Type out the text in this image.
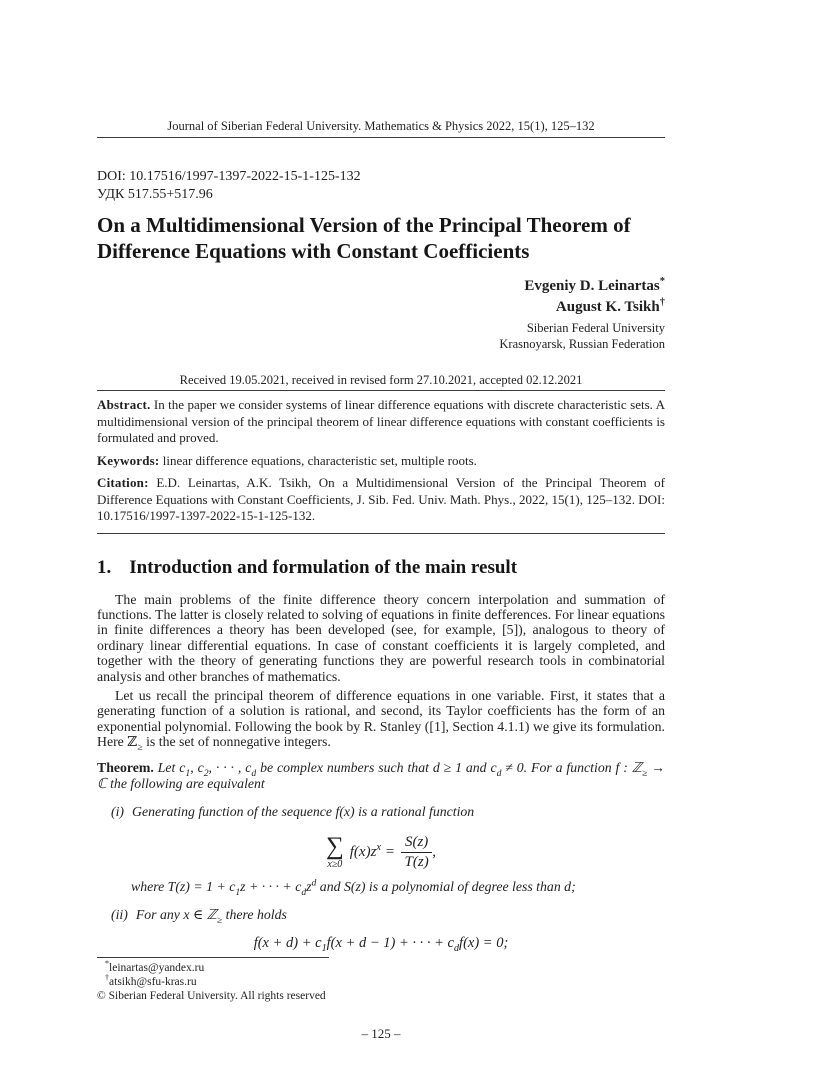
Journal of Siberian Federal University. Mathematics & Physics 2022, 15(1), 125–132
DOI: 10.17516/1997-1397-2022-15-1-125-132
УДК 517.55+517.96
On a Multidimensional Version of the Principal Theorem of Difference Equations with Constant Coefficients
Evgeniy D. Leinartas*
August K. Tsikh†
Siberian Federal University
Krasnoyarsk, Russian Federation
Received 19.05.2021, received in revised form 27.10.2021, accepted 02.12.2021

Abstract. In the paper we consider systems of linear difference equations with discrete characteristic sets. A multidimensional version of the principal theorem of linear difference equations with constant coefficients is formulated and proved.

Keywords: linear difference equations, characteristic set, multiple roots.

Citation: E.D. Leinartas, A.K. Tsikh, On a Multidimensional Version of the Principal Theorem of Difference Equations with Constant Coefficients, J. Sib. Fed. Univ. Math. Phys., 2022, 15(1), 125–132. DOI: 10.17516/1997-1397-2022-15-1-125-132.

1. Introduction and formulation of the main result

The main problems of the finite difference theory concern interpolation and summation of functions. The latter is closely related to solving of equations in finite defferences. For linear equations in finite differences a theory has been developed (see, for example, [5]), analogous to theory of ordinary linear differential equations. In case of constant coefficients it is largely completed, and together with the theory of generating functions they are powerful research tools in combinatorial analysis and other branches of mathematics.

Let us recall the principal theorem of difference equations in one variable. First, it states that a generating function of a solution is rational, and second, its Taylor coefficients has the form of an exponential polynomial. Following the book by R. Stanley ([1], Section 4.1.1) we give its formulation. Here ℤ$_\ge$ is the set of nonnegative integers.

Theorem. Let $c_1$, $c_2$, · · · , $c_d$ be complex numbers such that d ≥ 1 and $c_d \ne 0$. For a function f : ℤ$_\ge$ → ℂ the following are equivalent

(i) Generating function of the sequence f(x) is a rational function
∑
x≥0
$f(x)z^x = \frac{S(z)}{T(z)}$ ,
where $T(z) = 1 + c_1z$ + · · · + $c_dz^d$ and S(z) is a polynomial of degree less than d;
(ii) For any x ∈ ℤ$_\ge$ there holds
$f(x + d) + c_1f(x + d - 1)$ + · · · + $c_df(x) = 0$;
*leinartas@yandex.ru
†atsikh@sfu-kras.ru
© Siberian Federal University. All rights reserved
– 125 –
